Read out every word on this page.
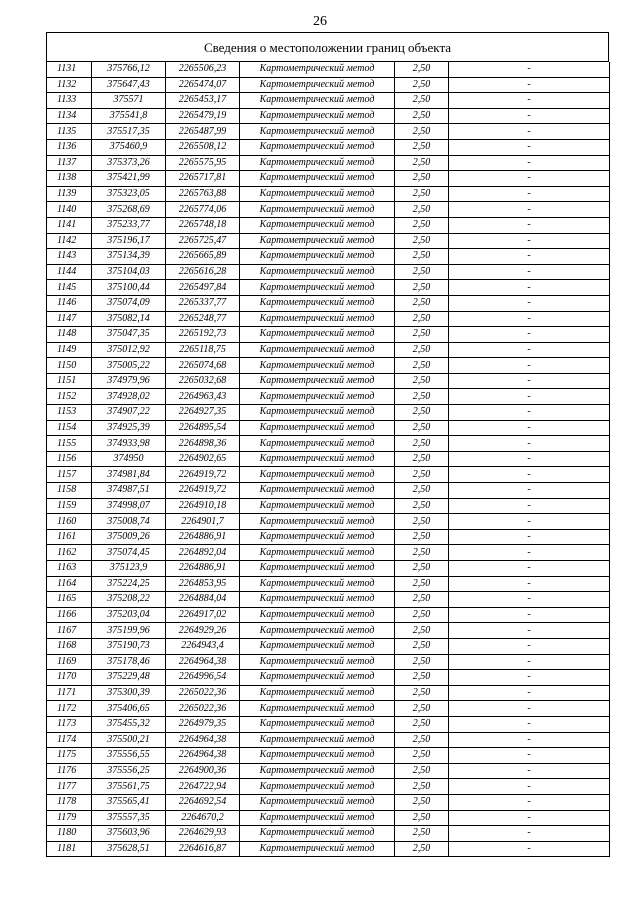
26
Сведения о местоположении границ объекта
1131	375766,12	2265506,23	Картометрический метод	2,50	-
1132	375647,43	2265474,07	Картометрический метод	2,50	-
1133	375571	2265453,17	Картометрический метод	2,50	-
1134	375541,8	2265479,19	Картометрический метод	2,50	-
1135	375517,35	2265487,99	Картометрический метод	2,50	-
1136	375460,9	2265508,12	Картометрический метод	2,50	-
1137	375373,26	2265575,95	Картометрический метод	2,50	-
1138	375421,99	2265717,81	Картометрический метод	2,50	-
1139	375323,05	2265763,88	Картометрический метод	2,50	-
1140	375268,69	2265774,06	Картометрический метод	2,50	-
1141	375233,77	2265748,18	Картометрический метод	2,50	-
1142	375196,17	2265725,47	Картометрический метод	2,50	-
1143	375134,39	2265665,89	Картометрический метод	2,50	-
1144	375104,03	2265616,28	Картометрический метод	2,50	-
1145	375100,44	2265497,84	Картометрический метод	2,50	-
1146	375074,09	2265337,77	Картометрический метод	2,50	-
1147	375082,14	2265248,77	Картометрический метод	2,50	-
1148	375047,35	2265192,73	Картометрический метод	2,50	-
1149	375012,92	2265118,75	Картометрический метод	2,50	-
1150	375005,22	2265074,68	Картометрический метод	2,50	-
1151	374979,96	2265032,68	Картометрический метод	2,50	-
1152	374928,02	2264963,43	Картометрический метод	2,50	-
1153	374907,22	2264927,35	Картометрический метод	2,50	-
1154	374925,39	2264895,54	Картометрический метод	2,50	-
1155	374933,98	2264898,36	Картометрический метод	2,50	-
1156	374950	2264902,65	Картометрический метод	2,50	-
1157	374981,84	2264919,72	Картометрический метод	2,50	-
1158	374987,51	2264919,72	Картометрический метод	2,50	-
1159	374998,07	2264910,18	Картометрический метод	2,50	-
1160	375008,74	2264901,7	Картометрический метод	2,50	-
1161	375009,26	2264886,91	Картометрический метод	2,50	-
1162	375074,45	2264892,04	Картометрический метод	2,50	-
1163	375123,9	2264886,91	Картометрический метод	2,50	-
1164	375224,25	2264853,95	Картометрический метод	2,50	-
1165	375208,22	2264884,04	Картометрический метод	2,50	-
1166	375203,04	2264917,02	Картометрический метод	2,50	-
1167	375199,96	2264929,26	Картометрический метод	2,50	-
1168	375190,73	2264943,4	Картометрический метод	2,50	-
1169	375178,46	2264964,38	Картометрический метод	2,50	-
1170	375229,48	2264996,54	Картометрический метод	2,50	-
1171	375300,39	2265022,36	Картометрический метод	2,50	-
1172	375406,65	2265022,36	Картометрический метод	2,50	-
1173	375455,32	2264979,35	Картометрический метод	2,50	-
1174	375500,21	2264964,38	Картометрический метод	2,50	-
1175	375556,55	2264964,38	Картометрический метод	2,50	-
1176	375556,25	2264900,36	Картометрический метод	2,50	-
1177	375561,75	2264722,94	Картометрический метод	2,50	-
1178	375565,41	2264692,54	Картометрический метод	2,50	-
1179	375557,35	2264670,2	Картометрический метод	2,50	-
1180	375603,96	2264629,93	Картометрический метод	2,50	-
1181	375628,51	2264616,87	Картометрический метод	2,50	-
